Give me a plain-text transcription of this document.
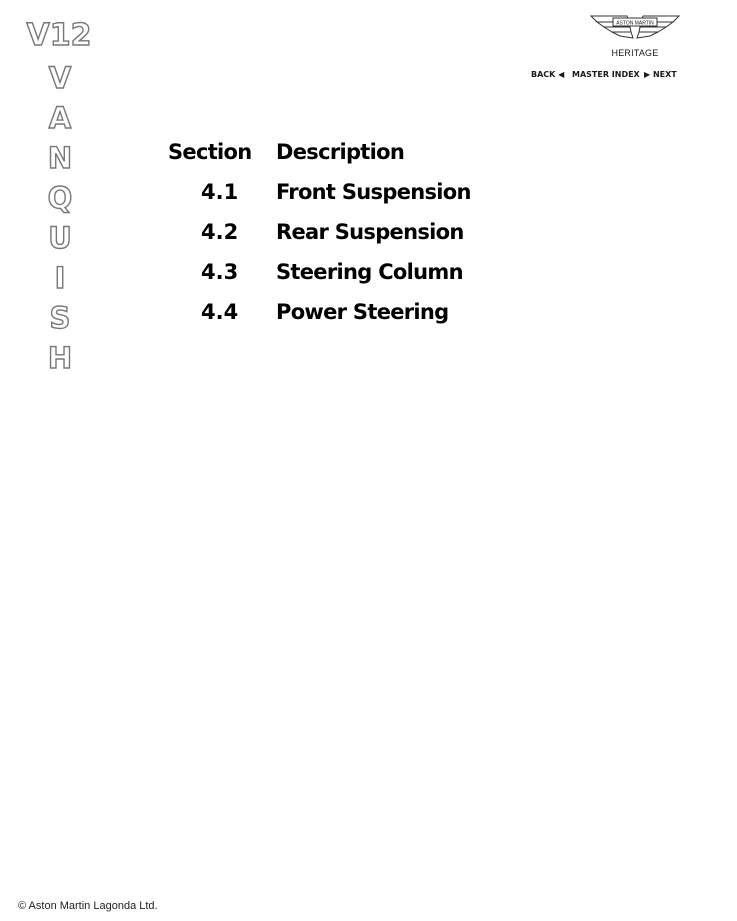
V12
V
A
N
Q
U
I
S
H
ASTON MARTIN
HERITAGE
BACK ◀ MASTER INDEX ▶ NEXT
Section Description
4.1 Front Suspension
4.2 Rear Suspension
4.3 Steering Column
4.4 Power Steering
© Aston Martin Lagonda Ltd.
